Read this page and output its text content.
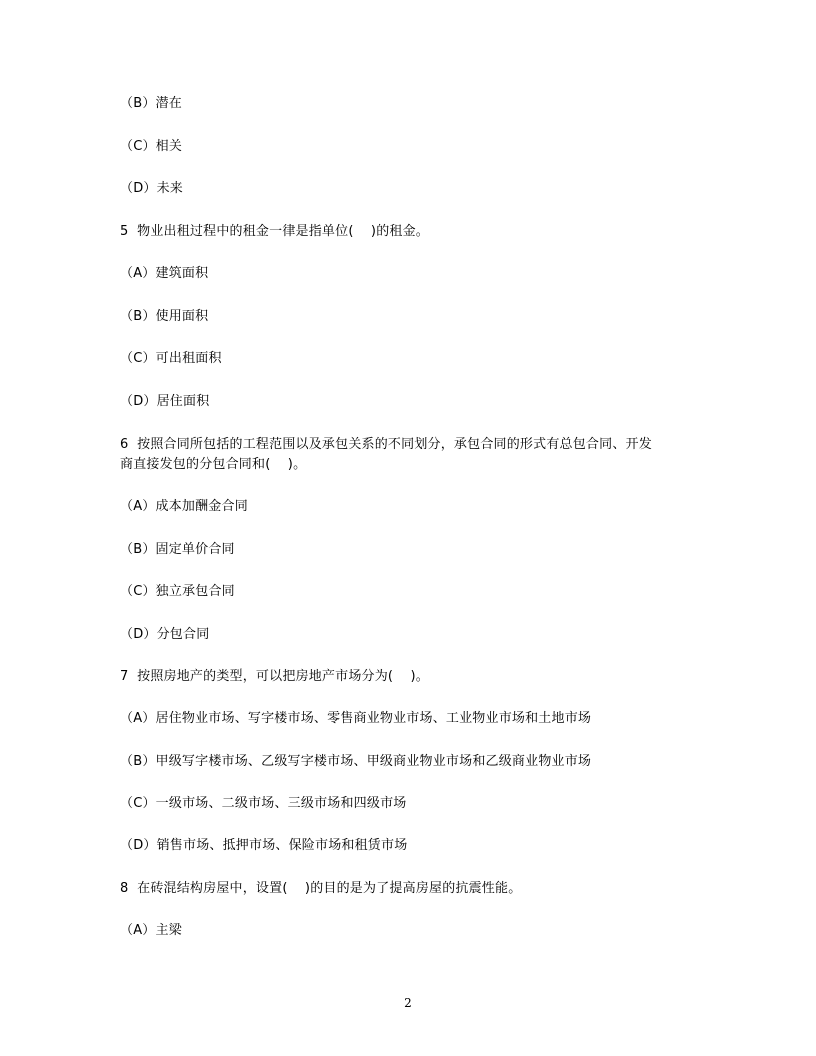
（B）潜在
（C）相关
（D）未来
5  物业出租过程中的租金一律是指单位(    )的租金。
（A）建筑面积
（B）使用面积
（C）可出租面积
（D）居住面积
6  按照合同所包括的工程范围以及承包关系的不同划分，承包合同的形式有总包合同、开发
商直接发包的分包合同和(    )。
（A）成本加酬金合同
（B）固定单价合同
（C）独立承包合同
（D）分包合同
7  按照房地产的类型，可以把房地产市场分为(    )。
（A）居住物业市场、写字楼市场、零售商业物业市场、工业物业市场和土地市场
（B）甲级写字楼市场、乙级写字楼市场、甲级商业物业市场和乙级商业物业市场
（C）一级市场、二级市场、三级市场和四级市场
（D）销售市场、抵押市场、保险市场和租赁市场
8  在砖混结构房屋中，设置(    )的目的是为了提高房屋的抗震性能。
（A）主梁
2
